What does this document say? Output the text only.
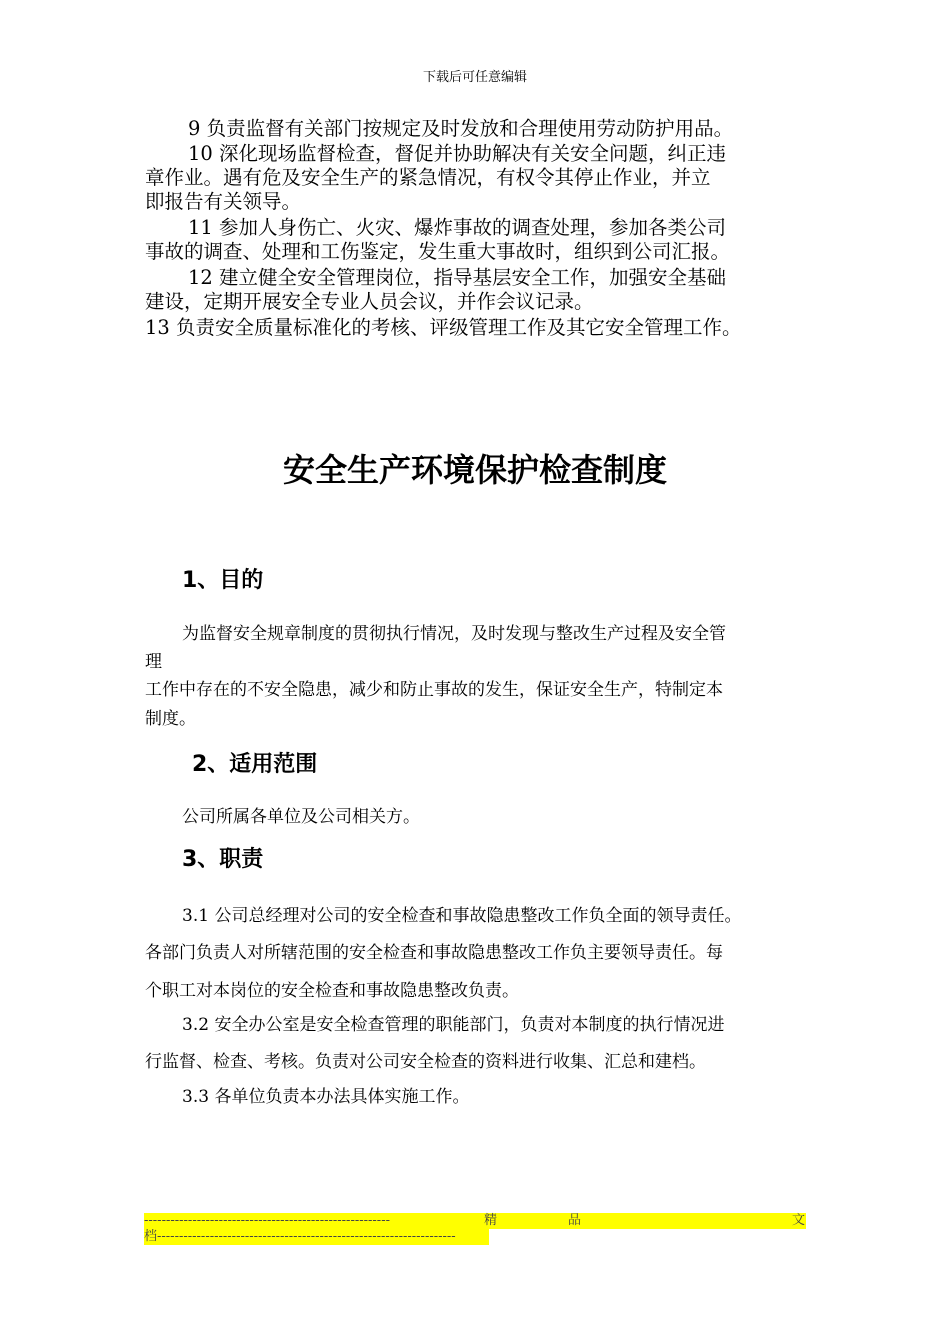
下载后可任意编辑
9 负责监督有关部门按规定及时发放和合理使用劳动防护用品。
10 深化现场监督检查，督促并协助解决有关安全问题，纠正违
章作业。遇有危及安全生产的紧急情况，有权令其停止作业，并立
即报告有关领导。
11 参加人身伤亡、火灾、爆炸事故的调查处理，参加各类公司
事故的调查、处理和工伤鉴定，发生重大事故时，组织到公司汇报。
12 建立健全安全管理岗位，指导基层安全工作，加强安全基础
建设，定期开展安全专业人员会议，并作会议记录。
13 负责安全质量标准化的考核、评级管理工作及其它安全管理工作。
安全生产环境保护检查制度
1、目的
为监督安全规章制度的贯彻执行情况，及时发现与整改生产过程及安全管
理
工作中存在的不安全隐患，减少和防止事故的发生，保证安全生产，特制定本
制度。
2、适用范围
公司所属各单位及公司相关方。
3、职责
3.1 公司总经理对公司的安全检查和事故隐患整改工作负全面的领导责任。
各部门负责人对所辖范围的安全检查和事故隐患整改工作负主要领导责任。每
个职工对本岗位的安全检查和事故隐患整改负责。
3.2 安全办公室是安全检查管理的职能部门，负责对本制度的执行情况进
行监督、检查、考核。负责对公司安全检查的资料进行收集、汇总和建档。
3.3 各单位负责本办法具体实施工作。
--------------------------------------------------------	精	品	文
档 --------------------------------------------------------------------
